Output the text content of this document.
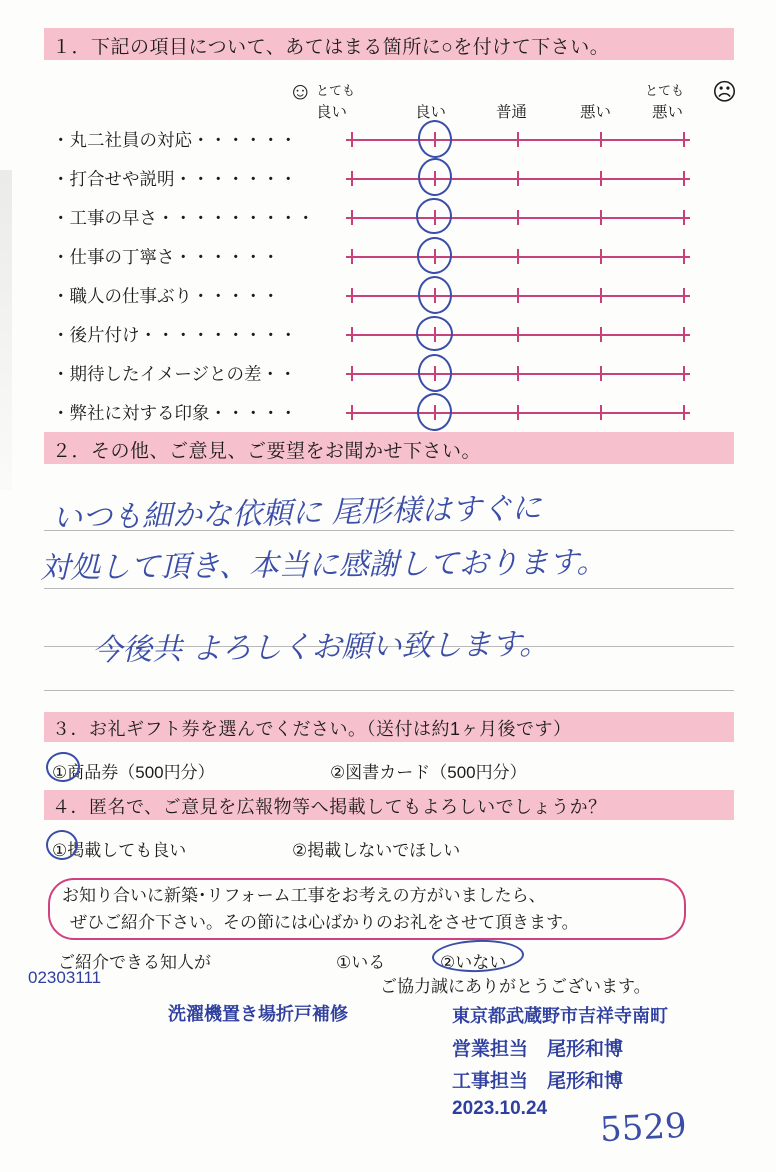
１．下記の項目について、あてはまる箇所に○を付けて下さい。
☺	☹
とても
良い	良い	普通	悪い
とても
悪い
・丸二社員の対応・・・・・・
・打合せや説明・・・・・・・
・工事の早さ・・・・・・・・・
・仕事の丁寧さ・・・・・・
・職人の仕事ぶり・・・・・
・後片付け・・・・・・・・・
・期待したイメージとの差・・
・弊社に対する印象・・・・・
２．その他、ご意見、ご要望をお聞かせ下さい。
いつも細かな依頼に 尾形様はすぐに
対処して頂き、本当に感謝しております。
今後共 よろしくお願い致します。
３．お礼ギフト券を選んでください。（送付は約1ヶ月後です）
①商品券（500円分）	②図書カード（500円分）
４．匿名で、ご意見を広報物等へ掲載してもよろしいでしょうか？
①掲載しても良い	②掲載しないでほしい
お知り合いに新築･リフォーム工事をお考えの方がいましたら、
ぜひご紹介下さい。その節には心ばかりのお礼をさせて頂きます。
ご紹介できる知人が	①いる	②いない
ご協力誠にありがとうございます。
02303111
洗濯機置き場折戸補修	東京都武蔵野市吉祥寺南町
営業担当　尾形和博
工事担当　尾形和博
2023.10.24 5529
